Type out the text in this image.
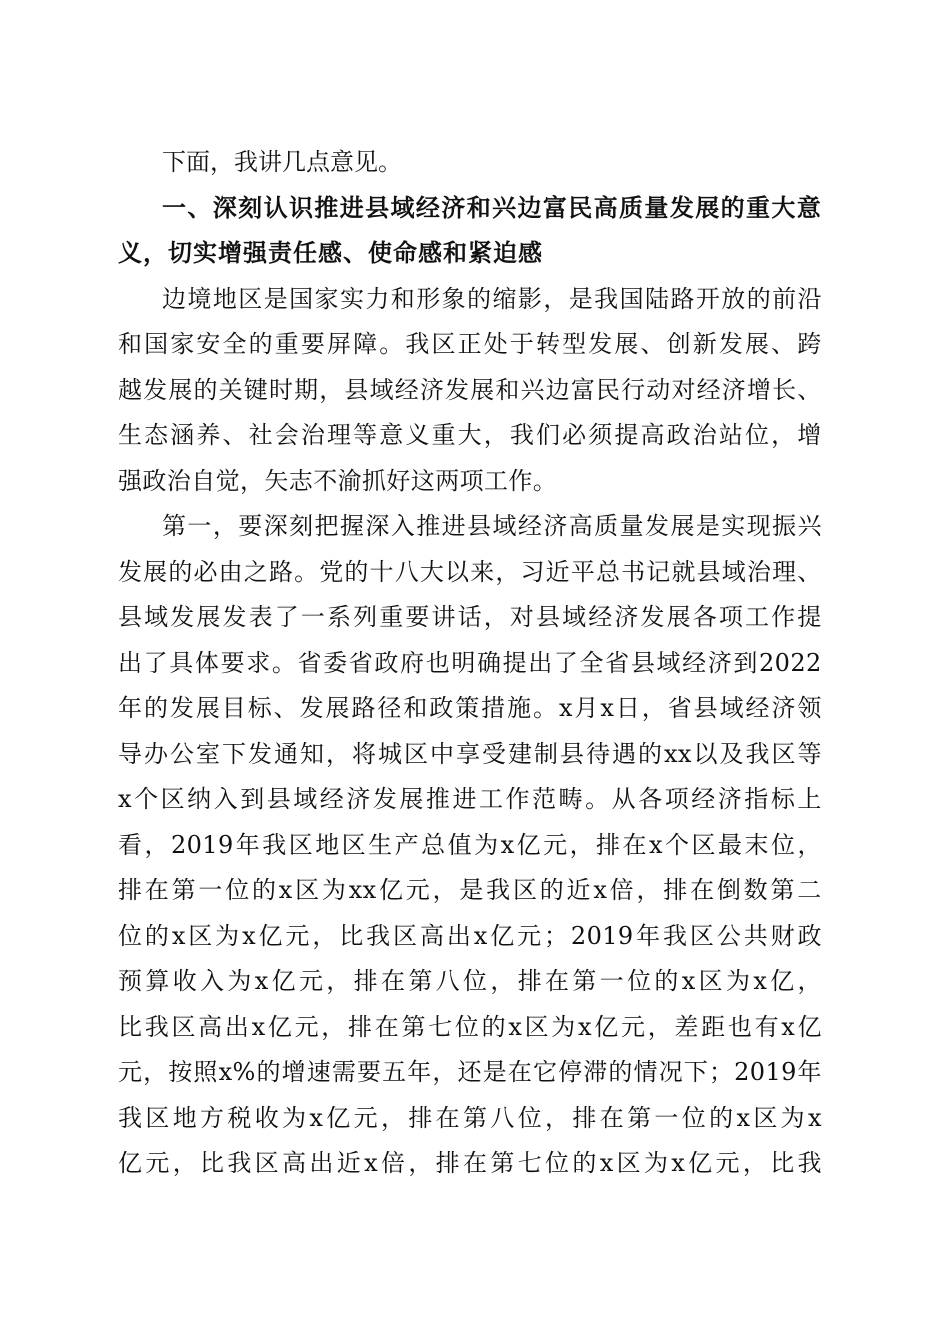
下面，我讲几点意见。
一 、 深 刻 认 识 推 进 县 域 经 济 和 兴 边 富 民 高 质 量 发 展 的 重 大 意
义，切实增强责任感、使命感和紧迫感
边 境 地 区 是 国 家 实 力 和 形 象 的 缩 影 ， 是 我 国 陆 路 开 放 的 前 沿
和 国 家 安 全 的 重 要 屏 障 。 我 区 正 处 于 转 型 发 展 、 创 新 发 展 、 跨
越 发 展 的 关 键 时 期 ， 县 域 经 济 发 展 和 兴 边 富 民 行 动 对 经 济 增 长 、
生 态 涵 养 、 社 会 治 理 等 意 义 重 大 ， 我 们 必 须 提 高 政 治 站 位 ， 增
强政治自觉，矢志不渝抓好这两项工作。
第 一 ， 要 深 刻 把 握 深 入 推 进 县 域 经 济 高 质 量 发 展 是 实 现 振 兴
发 展 的 必 由 之 路 。 党 的 十 八 大 以 来 ， 习 近 平 总 书 记 就 县 域 治 理 、
县 域 发 展 发 表 了 一 系 列 重 要 讲 话 ， 对 县 域 经 济 发 展 各 项 工 作 提
出 了 具 体 要 求 。 省 委 省 政 府 也 明 确 提 出 了 全 省 县 域 经 济 到 2022
年 的 发 展 目 标 、 发 展 路 径 和 政 策 措 施 。 x 月 x 日 ， 省 县 域 经 济 领
导 办 公 室 下 发 通 知 ， 将 城 区 中 享 受 建 制 县 待 遇 的 xx 以 及 我 区 等
x 个 区 纳 入 到 县 域 经 济 发 展 推 进 工 作 范 畴 。 从 各 项 经 济 指 标 上
看 ， 2019 年 我 区 地 区 生 产 总 值 为 x 亿 元 ， 排 在 x 个 区 最 末 位 ，
排 在 第 一 位 的 x 区 为 xx 亿 元 ， 是 我 区 的 近 x 倍 ， 排 在 倒 数 第 二
位 的 x 区 为 x 亿 元 ， 比 我 区 高 出 x 亿 元 ； 2019 年 我 区 公 共 财 政
预 算 收 入 为 x 亿 元 ， 排 在 第 八 位 ， 排 在 第 一 位 的 x 区 为 x 亿 ，
比 我 区 高 出 x 亿 元 ， 排 在 第 七 位 的 x 区 为 x 亿 元 ， 差 距 也 有 x 亿
元 ， 按 照 x% 的 增 速 需 要 五 年 ， 还 是 在 它 停 滞 的 情 况 下 ； 2019 年
我 区 地 方 税 收 为 x 亿 元 ， 排 在 第 八 位 ， 排 在 第 一 位 的 x 区 为 x
亿 元 ， 比 我 区 高 出 近 x 倍 ， 排 在 第 七 位 的 x 区 为 x 亿 元 ， 比 我
